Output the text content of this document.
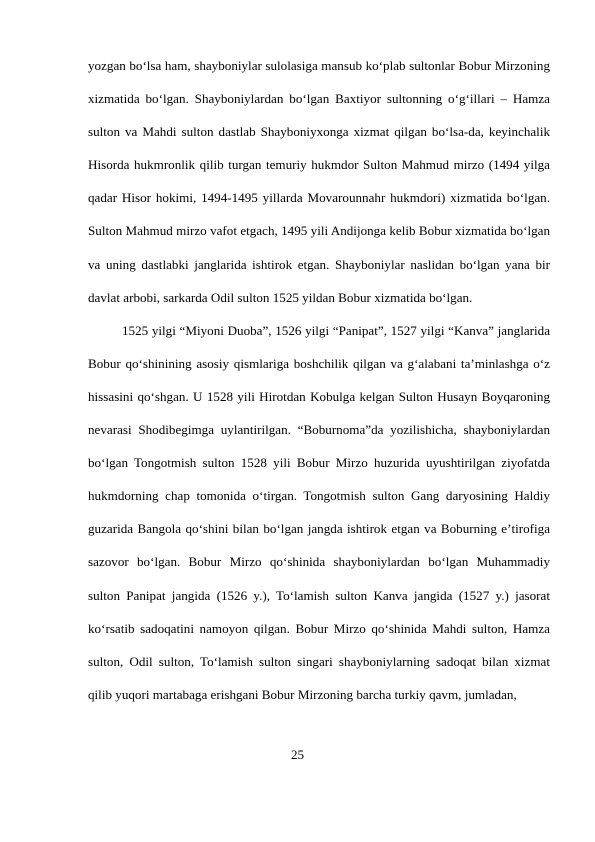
yozgan boʻlsa ham, shayboniylar sulolasiga mansub koʻplab sultonlar Bobur Mirzoning xizmatida boʻlgan. Shayboniylardan boʻlgan Baxtiyor sultonning oʻgʻillari – Hamza sulton va Mahdi sulton dastlab Shayboniyxonga xizmat qilgan boʻlsa-da, keyinchalik Hisorda hukmronlik qilib turgan temuriy hukmdor Sulton Mahmud mirzo (1494 yilga qadar Hisor hokimi, 1494-1495 yillarda Movarounnahr hukmdori) xizmatida boʻlgan. Sulton Mahmud mirzo vafot etgach, 1495 yili Andijonga kelib Bobur xizmatida boʻlgan va uning dastlabki janglarida ishtirok etgan. Shayboniylar naslidan boʻlgan yana bir davlat arbobi, sarkarda Odil sulton 1525 yildan Bobur xizmatida boʻlgan.

1525 yilgi “Miyoni Duoba”, 1526 yilgi “Panipat”, 1527 yilgi “Kanva” janglarida Bobur qoʻshinining asosiy qismlariga boshchilik qilgan va gʻalabani taʼminlashga oʻz hissasini qoʻshgan. U 1528 yili Hirotdan Kobulga kelgan Sulton Husayn Boyqaroning nevarasi Shodibegimga uylantirilgan. “Boburnoma”da yozilishicha, shayboniylardan boʻlgan Tongotmish sulton 1528 yili Bobur Mirzo huzurida uyushtirilgan ziyofatda hukmdorning chap tomonida oʻtirgan. Tongotmish sulton Gang daryosining Haldiy guzarida Bangola qoʻshini bilan boʻlgan jangda ishtirok etgan va Boburning eʼtirofiga sazovor boʻlgan. Bobur Mirzo qoʻshinida shayboniylardan boʻlgan Muhammadiy sulton Panipat jangida (1526 y.), Toʻlamish sulton Kanva jangida (1527 y.) jasorat koʻrsatib sadoqatini namoyon qilgan. Bobur Mirzo qoʻshinida Mahdi sulton, Hamza sulton, Odil sulton, Toʻlamish sulton singari shayboniylarning sadoqat bilan xizmat qilib yuqori martabaga erishgani Bobur Mirzoning barcha turkiy qavm, jumladan,

25
